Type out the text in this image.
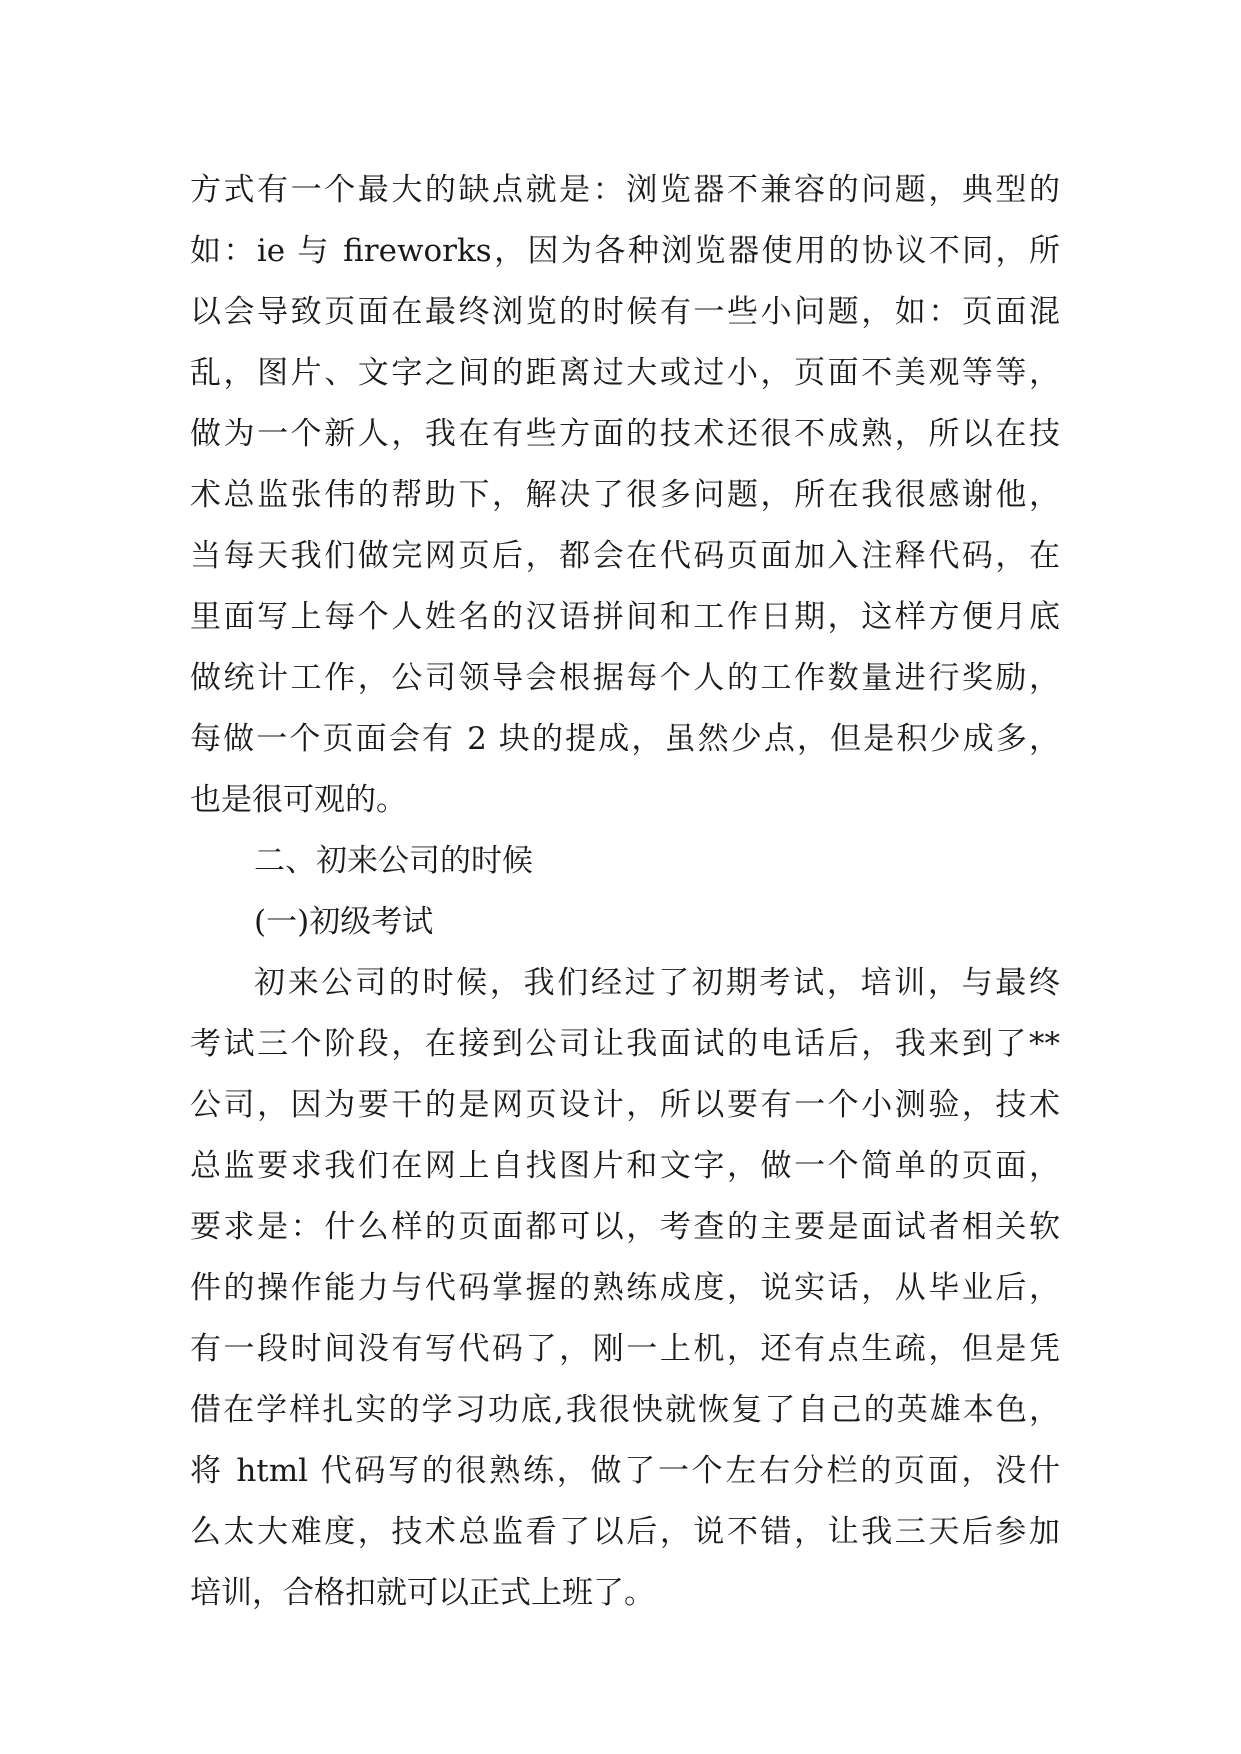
方式有一个最大的缺点就是：浏览器不兼容的问题，典型的
如：ie 与 fireworks，因为各种浏览器使用的协议不同，所
以会导致页面在最终浏览的时候有一些小问题，如：页面混
乱，图片、文字之间的距离过大或过小，页面不美观等等，
做为一个新人，我在有些方面的技术还很不成熟，所以在技
术总监张伟的帮助下，解决了很多问题，所在我很感谢他，
当每天我们做完网页后，都会在代码页面加入注释代码，在
里面写上每个人姓名的汉语拼间和工作日期，这样方便月底
做统计工作，公司领导会根据每个人的工作数量进行奖励，
每做一个页面会有 2 块的提成，虽然少点，但是积少成多，
也是很可观的。
二、初来公司的时候
(一)初级考试
初来公司的时候，我们经过了初期考试，培训，与最终
考试三个阶段，在接到公司让我面试的电话后，我来到了**
公司，因为要干的是网页设计，所以要有一个小测验，技术
总监要求我们在网上自找图片和文字，做一个简单的页面，
要求是：什么样的页面都可以，考查的主要是面试者相关软
件的操作能力与代码掌握的熟练成度，说实话，从毕业后，
有一段时间没有写代码了，刚一上机，还有点生疏，但是凭
借在学样扎实的学习功底,我很快就恢复了自己的英雄本色，
将 html 代码写的很熟练，做了一个左右分栏的页面，没什
么太大难度，技术总监看了以后，说不错，让我三天后参加
培训，合格扣就可以正式上班了。
